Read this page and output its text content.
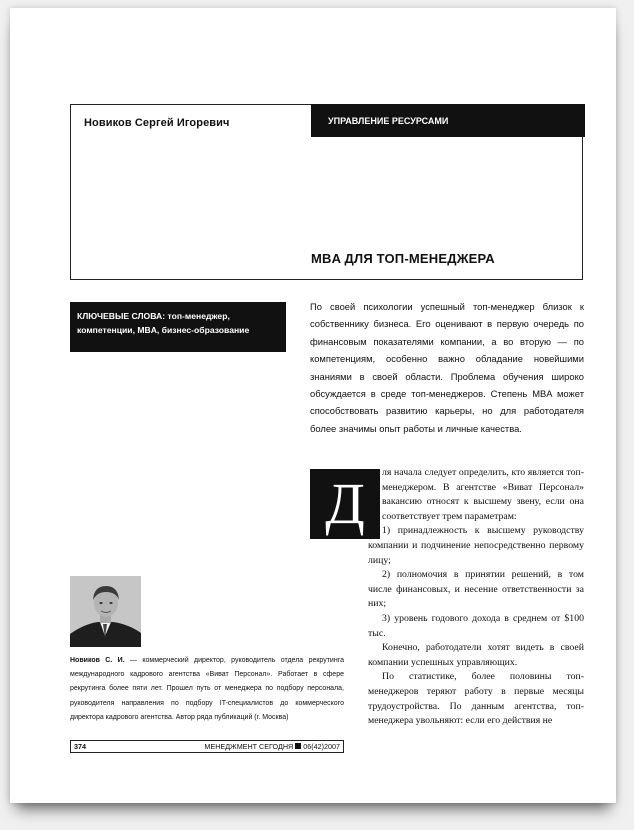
Новиков Сергей Игоревич	УПРАВЛЕНИЕ РЕСУРСАМИ
MBA ДЛЯ ТОП-МЕНЕДЖЕРА
КЛЮЧЕВЫЕ СЛОВА: топ-менеджер, компетенции, MBA, бизнес-образование
По своей психологии успешный топ-менеджер близок к собственнику бизнеса. Его оценивают в первую очередь по финансовым показателями компании, а во вторую — по компетенциям, особенно важно обладание новейшими знаниями в своей области. Проблема обучения широко обсуждается в среде топ-менеджеров. Степень MBA может способствовать развитию карьеры, но для работодателя более значимы опыт работы и личные качества.
Д	ля начала следует определить, кто является топ-менеджером. В агентстве «Виват Персонал» вакансию относят к высшему звену, если она соответствует трем параметрам:
1) принадлежность к высшему руководству компании и подчинение непосредственно первому лицу;
2) полномочия в принятии решений, в том числе финансовых, и несение ответственности за них;
3) уровень годового дохода в среднем от $100 тыс.
Конечно, работодатели хотят видеть в своей компании успешных управляющих.
По статистике, более половины топ-менеджеров теряют работу в первые месяцы трудоустройства. По данным агентства, топ-менеджера увольняют: если его действия не
Новиков С. И. — коммерческий директор, руководитель отдела рекрутинга международного кадрового агентства «Виват Персонал». Работает в сфере рекрутинга более пяти лет. Прошел путь от менеджера по подбору персонала, руководителя направления по подбору IT-специалистов до коммерческого директора кадрового агентства. Автор ряда публикаций (г. Москва)
374	МЕНЕДЖМЕНТ СЕГОДНЯ 06(42)2007
